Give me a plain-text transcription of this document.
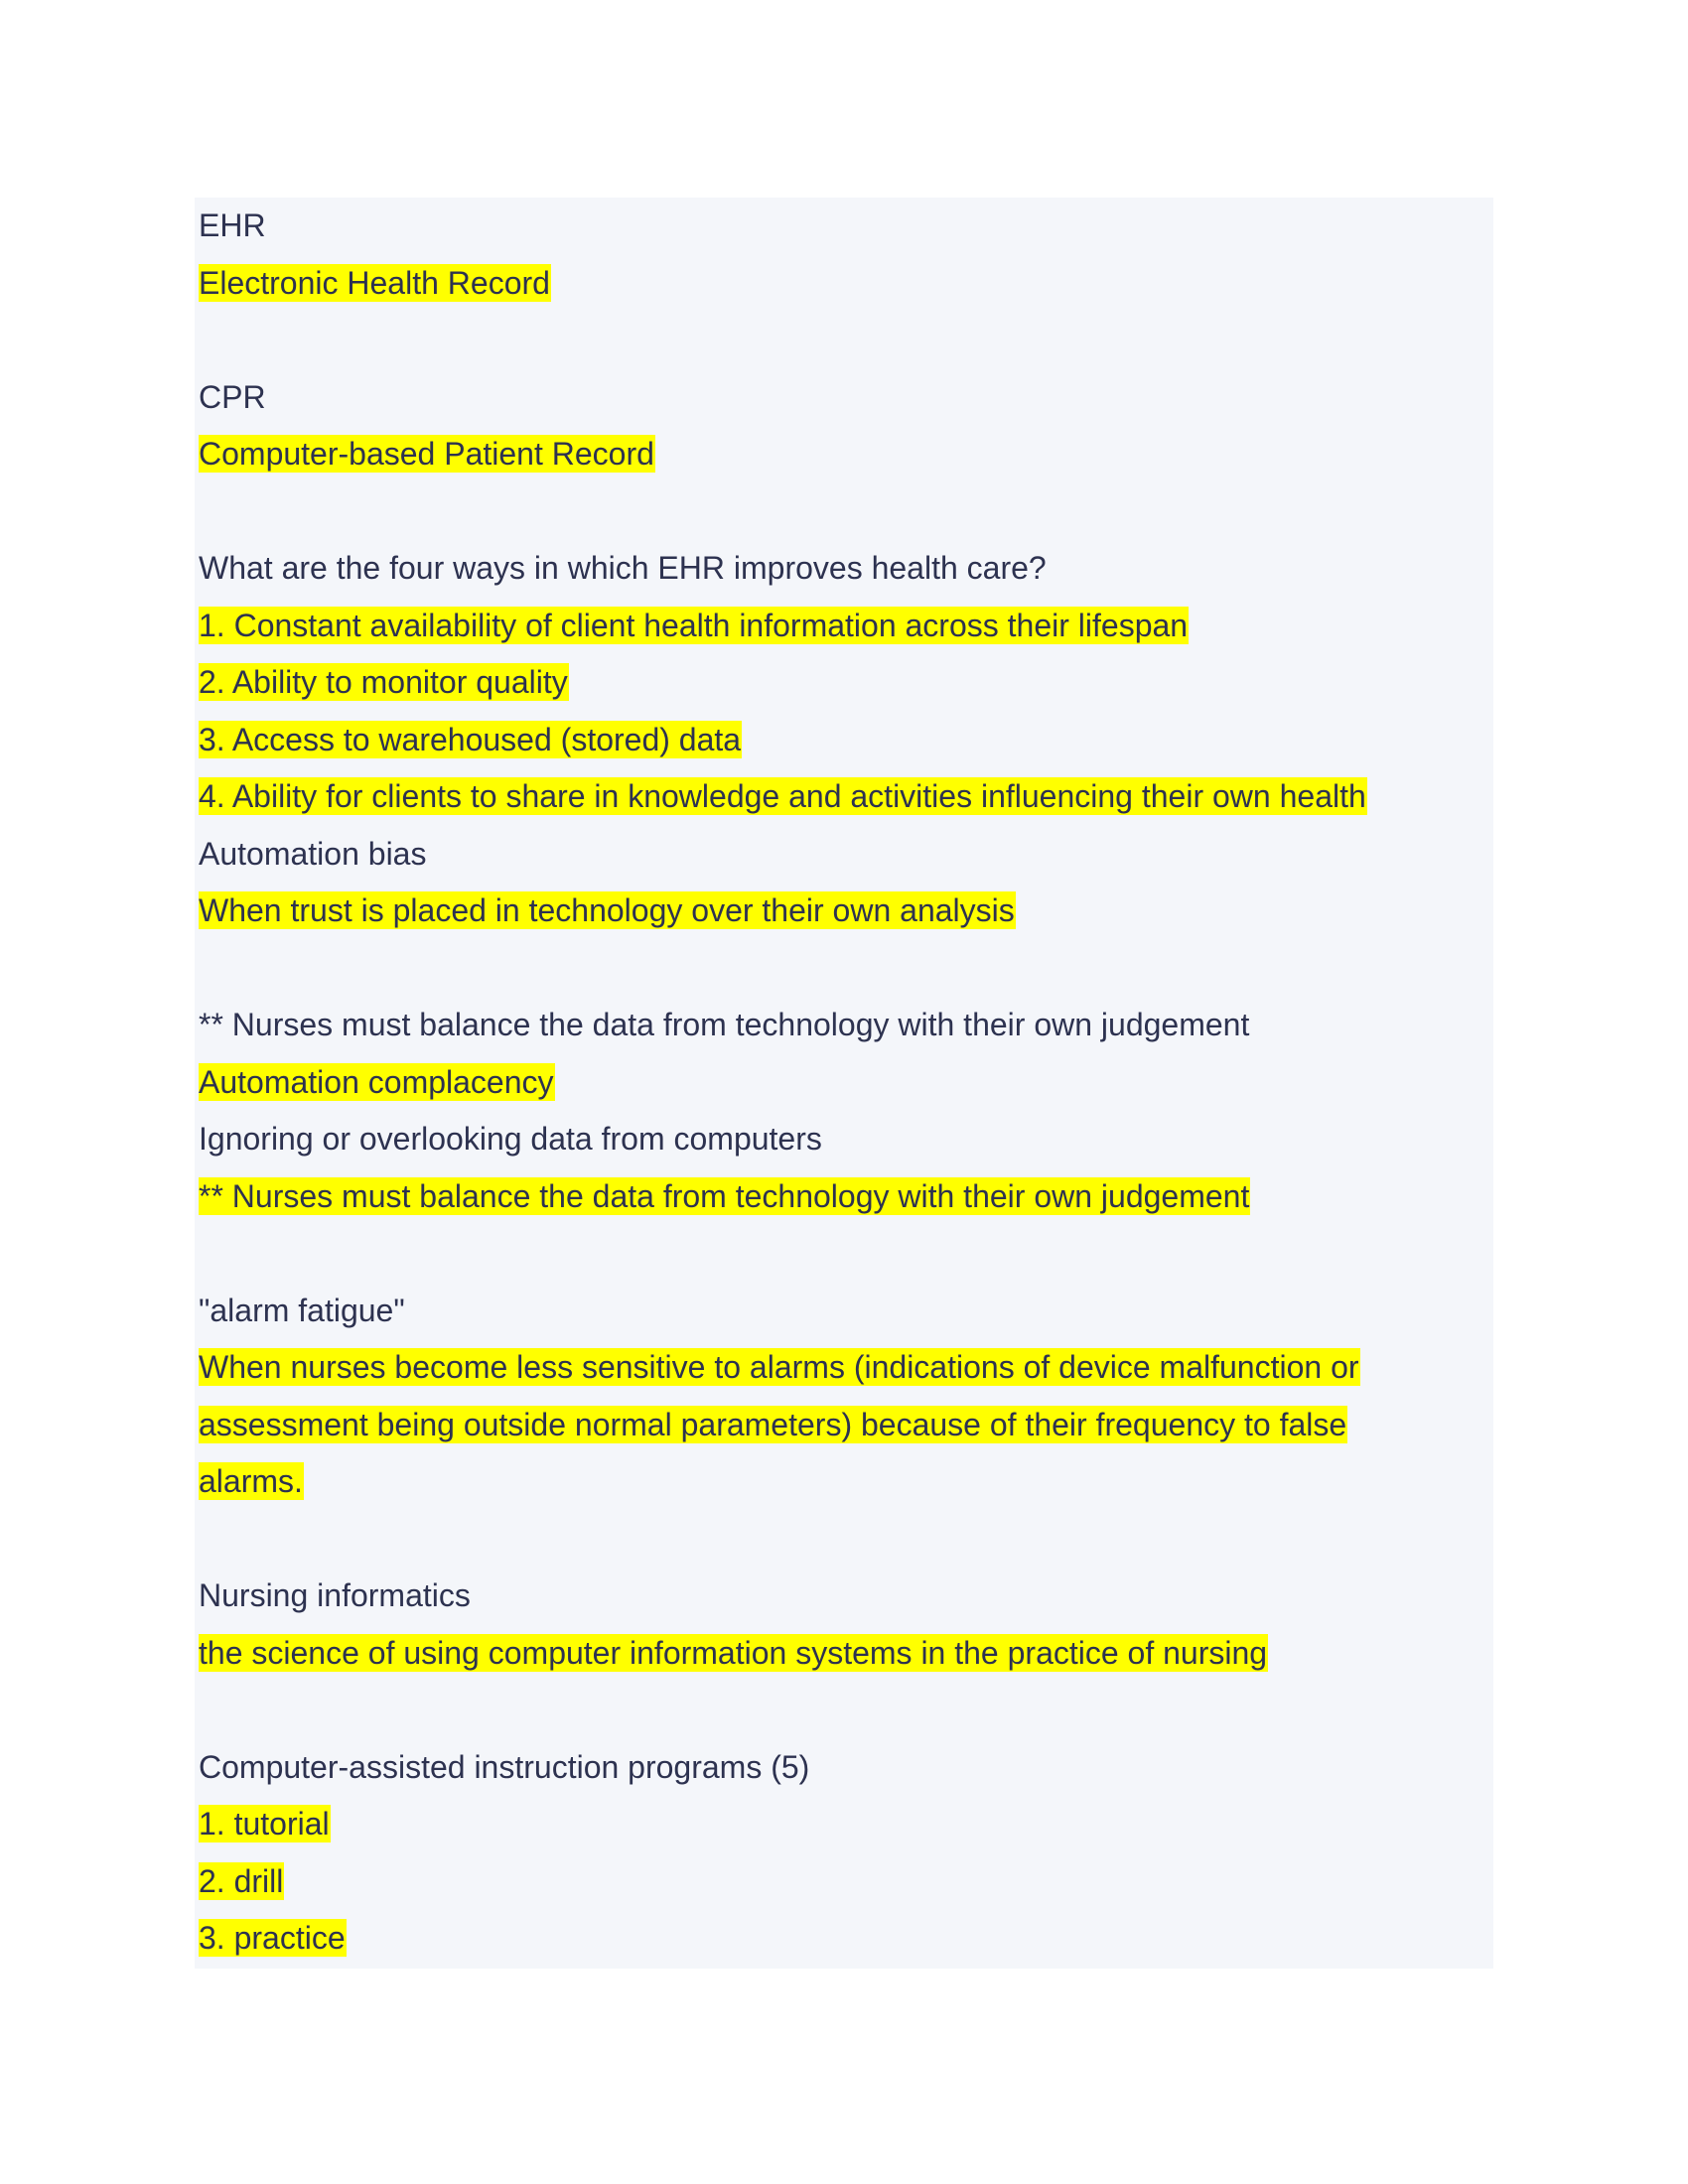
EHR
Electronic Health Record
CPR
Computer-based Patient Record
What are the four ways in which EHR improves health care?
1. Constant availability of client health information across their lifespan
2. Ability to monitor quality
3. Access to warehoused (stored) data
4. Ability for clients to share in knowledge and activities influencing their own health
Automation bias
When trust is placed in technology over their own analysis
** Nurses must balance the data from technology with their own judgement
Automation complacency
Ignoring or overlooking data from computers
** Nurses must balance the data from technology with their own judgement
"alarm fatigue"
When nurses become less sensitive to alarms (indications of device malfunction or
assessment being outside normal parameters) because of their frequency to false
alarms.
Nursing informatics
the science of using computer information systems in the practice of nursing
Computer-assisted instruction programs (5)
1. tutorial
2. drill
3. practice
